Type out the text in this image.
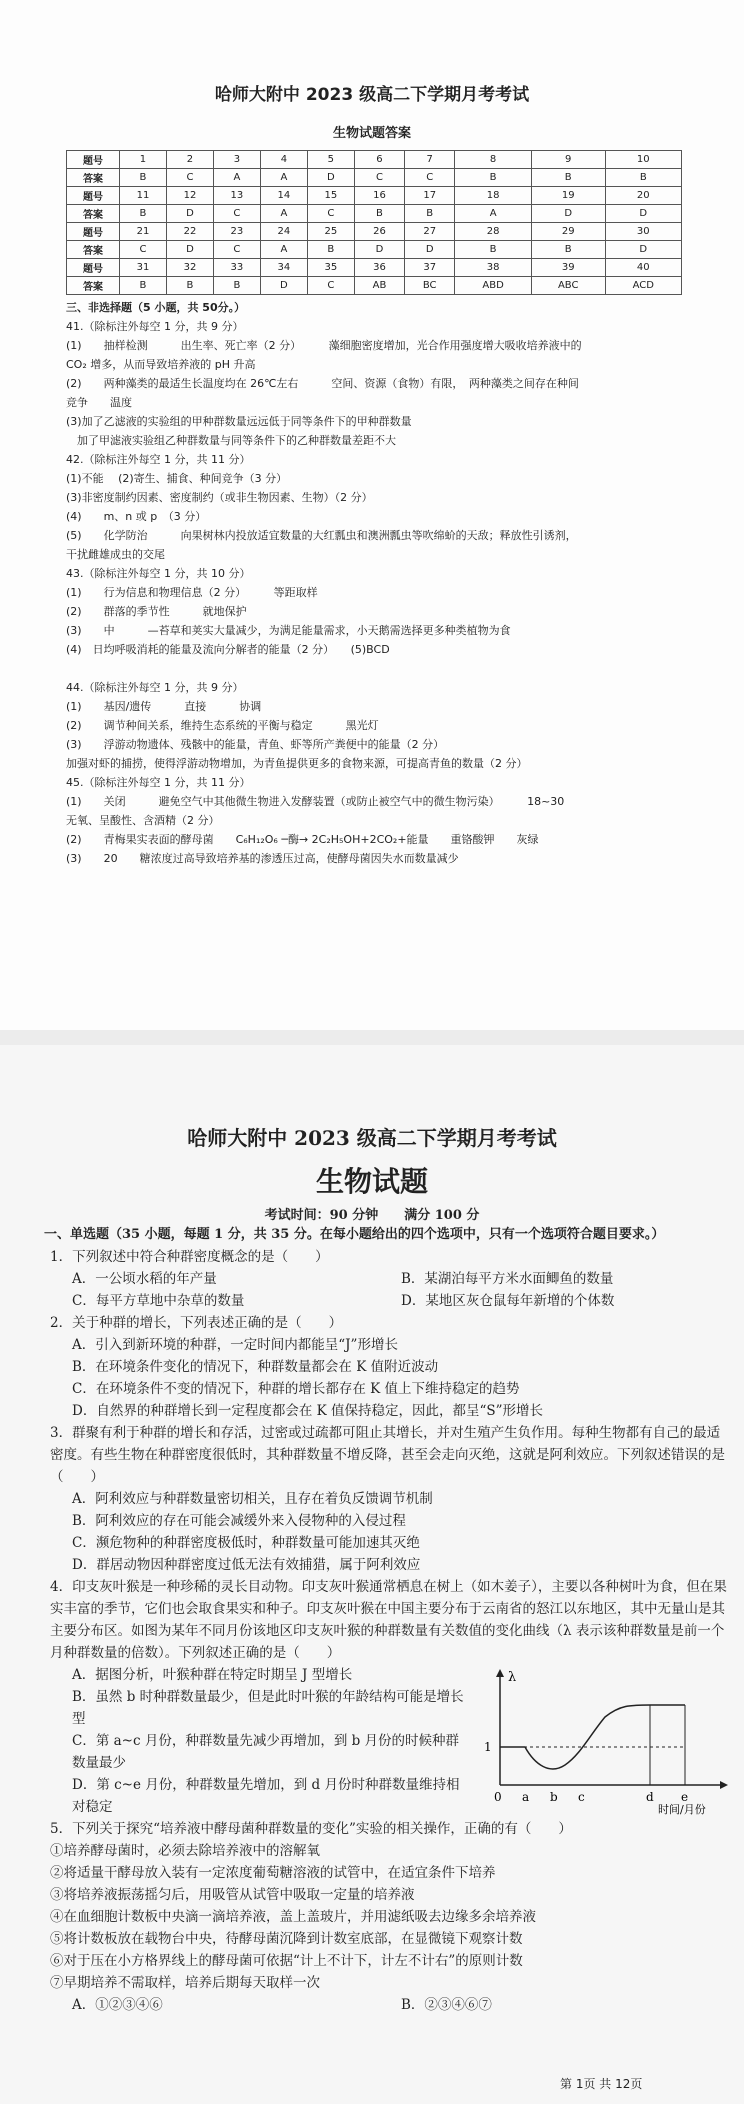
哈师大附中 2023 级高二下学期月考考试
生物试题答案
题号	1	2	3	4	5	6	7	8	9	10
答案	B	C	A	A	D	C	C	B	B	B
题号	11	12	13	14	15	16	17	18	19	20
答案	B	D	C	A	C	B	B	A	D	D
题号	21	22	23	24	25	26	27	28	29	30
答案	C	D	C	A	B	D	D	B	B	D
题号	31	32	33	34	35	36	37	38	39	40
答案	B	B	B	D	C	AB	BC	ABD	ABC	ACD
三、非选择题（5 小题，共 50分。）
41.（除标注外每空 1 分，共 9 分）
(1)　　抽样检测　　　出生率、死亡率（2 分）　　　藻细胞密度增加，光合作用强度增大吸收培养液中的
CO₂ 增多，从而导致培养液的 pH 升高
(2)　　两种藻类的最适生长温度均在 26℃左右　　　空间、资源（食物）有限，　两种藻类之间存在种间
竞争　　温度
(3)加了乙滤液的实验组的甲种群数量远远低于同等条件下的甲种群数量
　加了甲滤液实验组乙种群数量与同等条件下的乙种群数量差距不大
42.（除标注外每空 1 分，共 11 分）
(1)不能　 (2)寄生、捕食、种间竞争（3 分）
(3)非密度制约因素、密度制约（或非生物因素、生物）（2 分）
(4)　　m、n 或 p　（3 分）
(5)　　化学防治　　　向果树林内投放适宜数量的大红瓢虫和澳洲瓢虫等吹绵蚧的天敌；释放性引诱剂，
干扰雌雄成虫的交尾
43.（除标注外每空 1 分，共 10 分）
(1)　　行为信息和物理信息（2 分）　　　等距取样
(2)　　群落的季节性　　　就地保护
(3)　　中　　　—苔草和荚实大量减少，为满足能量需求，小天鹅需选择更多种类植物为食
(4)　日均呼吸消耗的能量及流向分解者的能量（2 分）　　(5)BCD
44.（除标注外每空 1 分，共 9 分）
(1)　　基因/遗传　　　直接　　　协调
(2)　　调节种间关系，维持生态系统的平衡与稳定　　　黑光灯
(3)　　浮游动物遗体、残骸中的能量，青鱼、虾等所产粪便中的能量（2 分）
加强对虾的捕捞，使得浮游动物增加，为青鱼提供更多的食物来源，可提高青鱼的数量（2 分）
45.（除标注外每空 1 分，共 11 分）
(1)　　关闭　　　避免空气中其他微生物进入发酵装置（或防止被空气中的微生物污染）　　　18~30
无氧、呈酸性、含酒精（2 分）
(2)　　青梅果实表面的酵母菌　　C₆H₁₂O₆ ─酶→ 2C₂H₅OH+2CO₂+能量　　重铬酸钾　　灰绿
(3)　　20　　糖浓度过高导致培养基的渗透压过高，使酵母菌因失水而数量减少
哈师大附中 2023 级高二下学期月考考试
生物试题
考试时间：90 分钟　　满分 100 分
一、单选题（35 小题，每题 1 分，共 35 分。在每小题给出的四个选项中，只有一个选项符合题目要求。）
1．下列叙述中符合种群密度概念的是（　　）
A．一公顷水稻的年产量	B．某湖泊每平方米水面鲫鱼的数量
C．每平方草地中杂草的数量	D．某地区灰仓鼠每年新增的个体数
2．关于种群的增长，下列表述正确的是（　　）
A．引入到新环境的种群，一定时间内都能呈“J”形增长
B．在环境条件变化的情况下，种群数量都会在 K 值附近波动
C．在环境条件不变的情况下，种群的增长都存在 K 值上下维持稳定的趋势
D．自然界的种群增长到一定程度都会在 K 值保持稳定，因此，都呈“S”形增长
3．群聚有利于种群的增长和存活，过密或过疏都可阻止其增长，并对生殖产生负作用。每种生物都有自己的最适密度。有些生物在种群密度很低时，其种群数量不增反降，甚至会走向灭绝，这就是阿利效应。下列叙述错误的是（　　）
A．阿利效应与种群数量密切相关，且存在着负反馈调节机制
B．阿利效应的存在可能会减缓外来入侵物种的入侵过程
C．濒危物种的种群密度极低时，种群数量可能加速其灭绝
D．群居动物因种群密度过低无法有效捕猎，属于阿利效应
4．印支灰叶猴是一种珍稀的灵长目动物。印支灰叶猴通常栖息在树上（如木姜子），主要以各种树叶为食，但在果实丰富的季节，它们也会取食果实和种子。印支灰叶猴在中国主要分布于云南省的怒江以东地区，其中无量山是其主要分布区。如图为某年不同月份该地区印支灰叶猴的种群数量有关数值的变化曲线（λ 表示该种群数量是前一个月种群数量的倍数）。下列叙述正确的是（　　）
A．据图分析，叶猴种群在特定时期呈 J 型增长
B．虽然 b 时种群数量最少，但是此时叶猴的年龄结构可能是增长型
C．第 a~c 月份，种群数量先减少再增加，到 b 月份的时候种群数量最少
D．第 c~e 月份，种群数量先增加，到 d 月份时种群数量维持相对稳定
5．下列关于探究“培养液中酵母菌种群数量的变化”实验的相关操作，正确的有（　　）
①培养酵母菌时，必须去除培养液中的溶解氧
②将适量干酵母放入装有一定浓度葡萄糖溶液的试管中，在适宜条件下培养
③将培养液振荡摇匀后，用吸管从试管中吸取一定量的培养液
④在血细胞计数板中央滴一滴培养液，盖上盖玻片，并用滤纸吸去边缘多余培养液
⑤将计数板放在载物台中央，待酵母菌沉降到计数室底部，在显微镜下观察计数
⑥对于压在小方格界线上的酵母菌可依据“计上不计下，计左不计右”的原则计数
⑦早期培养不需取样，培养后期每天取样一次
A．①②③④⑥	B．②③④⑥⑦
λ
1
0 a b c	d e
时间/月份
第 1页 共 12页
